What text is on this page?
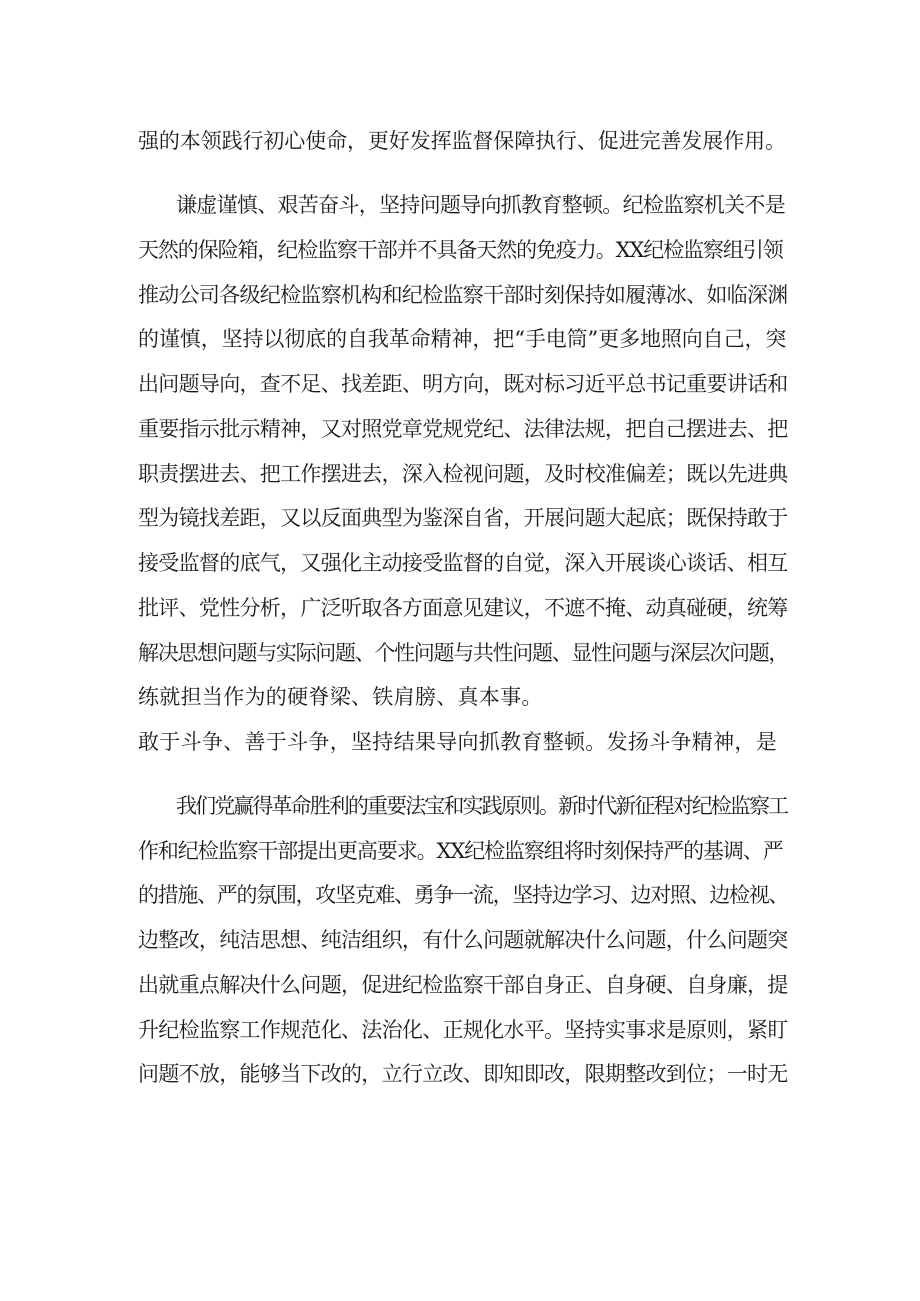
强的本领践行初心使命，更好发挥监督保障执行、促进完善发展作用。
谦虚谨慎、艰苦奋斗，坚持问题导向抓教育整顿。纪检监察机关不是
天然的保险箱，纪检监察干部并不具备天然的免疫力。XX纪检监察组引领
推动公司各级纪检监察机构和纪检监察干部时刻保持如履薄冰、如临深渊
的谨慎，坚持以彻底的自我革命精神，把“手电筒”更多地照向自己，突
出问题导向，查不足、找差距、明方向，既对标习近平总书记重要讲话和
重要指示批示精神，又对照党章党规党纪、法律法规，把自己摆进去、把
职责摆进去、把工作摆进去，深入检视问题，及时校准偏差；既以先进典
型为镜找差距，又以反面典型为鉴深自省，开展问题大起底；既保持敢于
接受监督的底气，又强化主动接受监督的自觉，深入开展谈心谈话、相互
批评、党性分析，广泛听取各方面意见建议，不遮不掩、动真碰硬，统筹
解决思想问题与实际问题、个性问题与共性问题、显性问题与深层次问题，
练就担当作为的硬脊梁、铁肩膀、真本事。
敢于斗争、善于斗争，坚持结果导向抓教育整顿。发扬斗争精神，是
我们党赢得革命胜利的重要法宝和实践原则。新时代新征程对纪检监察工
作和纪检监察干部提出更高要求。XX纪检监察组将时刻保持严的基调、严
的措施、严的氛围，攻坚克难、勇争一流，坚持边学习、边对照、边检视、
边整改，纯洁思想、纯洁组织，有什么问题就解决什么问题，什么问题突
出就重点解决什么问题，促进纪检监察干部自身正、自身硬、自身廉，提
升纪检监察工作规范化、法治化、正规化水平。坚持实事求是原则，紧盯
问题不放，能够当下改的，立行立改、即知即改，限期整改到位；一时无
